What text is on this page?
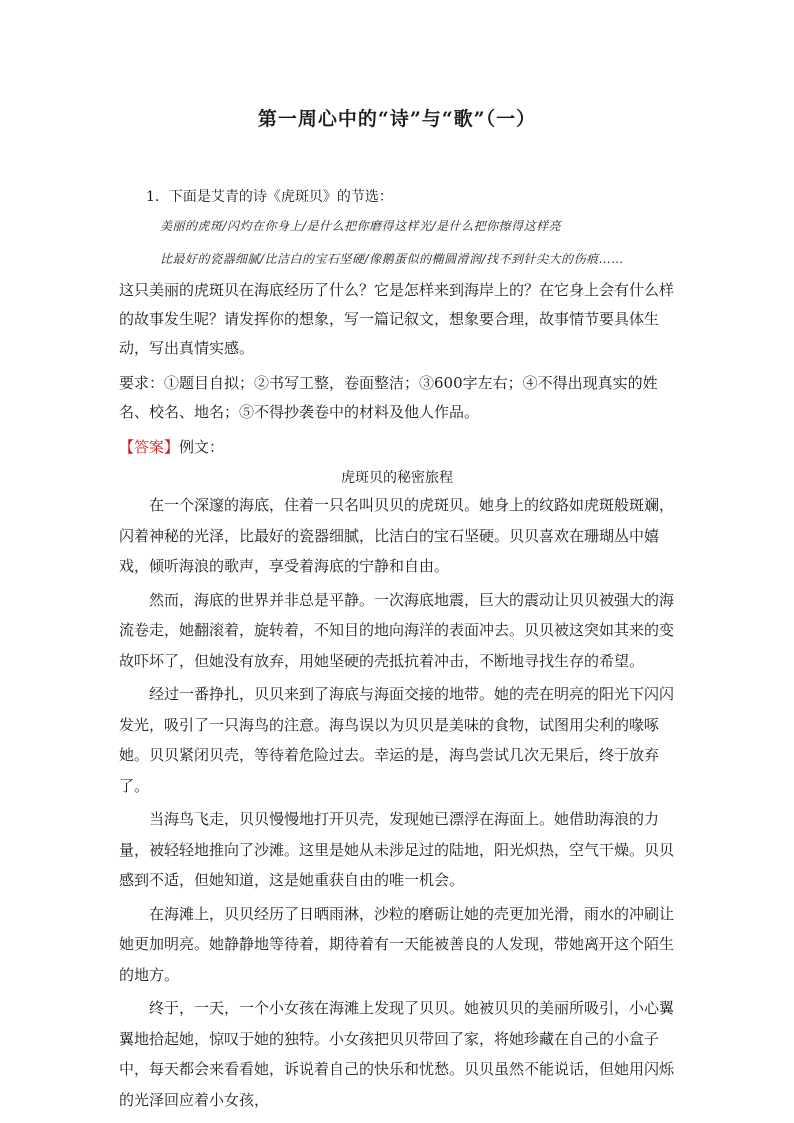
第一周心中的“诗”与“歌”（一）
1．下面是艾青的诗《虎斑贝》的节选：
美丽的虎斑/闪灼在你身上/是什么把你磨得这样光/是什么把你擦得这样亮
比最好的瓷器细腻/比洁白的宝石坚硬/像鹅蛋似的椭圆滑润/找不到针尖大的伤痕……

这只美丽的虎斑贝在海底经历了什么？它是怎样来到海岸上的？在它身上会有什么样的故事发生呢？请发挥你的想象，写一篇记叙文，想象要合理，故事情节要具体生动，写出真情实感。

要求：①题目自拟；②书写工整，卷面整洁；③600字左右；④不得出现真实的姓名、校名、地名；⑤不得抄袭卷中的材料及他人作品。

【答案】例文：
虎斑贝的秘密旅程

在一个深邃的海底，住着一只名叫贝贝的虎斑贝。她身上的纹路如虎斑般斑斓，闪着神秘的光泽，比最好的瓷器细腻，比洁白的宝石坚硬。贝贝喜欢在珊瑚丛中嬉戏，倾听海浪的歌声，享受着海底的宁静和自由。

然而，海底的世界并非总是平静。一次海底地震，巨大的震动让贝贝被强大的海流卷走，她翻滚着，旋转着，不知目的地向海洋的表面冲去。贝贝被这突如其来的变故吓坏了，但她没有放弃，用她坚硬的壳抵抗着冲击，不断地寻找生存的希望。

经过一番挣扎，贝贝来到了海底与海面交接的地带。她的壳在明亮的阳光下闪闪发光，吸引了一只海鸟的注意。海鸟误以为贝贝是美味的食物，试图用尖利的喙啄她。贝贝紧闭贝壳，等待着危险过去。幸运的是，海鸟尝试几次无果后，终于放弃了。

当海鸟飞走，贝贝慢慢地打开贝壳，发现她已漂浮在海面上。她借助海浪的力量，被轻轻地推向了沙滩。这里是她从未涉足过的陆地，阳光炽热，空气干燥。贝贝感到不适，但她知道，这是她重获自由的唯一机会。

在海滩上，贝贝经历了日晒雨淋，沙粒的磨砺让她的壳更加光滑，雨水的冲刷让她更加明亮。她静静地等待着，期待着有一天能被善良的人发现，带她离开这个陌生的地方。

终于，一天，一个小女孩在海滩上发现了贝贝。她被贝贝的美丽所吸引，小心翼翼地拾起她，惊叹于她的独特。小女孩把贝贝带回了家，将她珍藏在自己的小盒子中，每天都会来看看她，诉说着自己的快乐和忧愁。贝贝虽然不能说话，但她用闪烁的光泽回应着小女孩，
